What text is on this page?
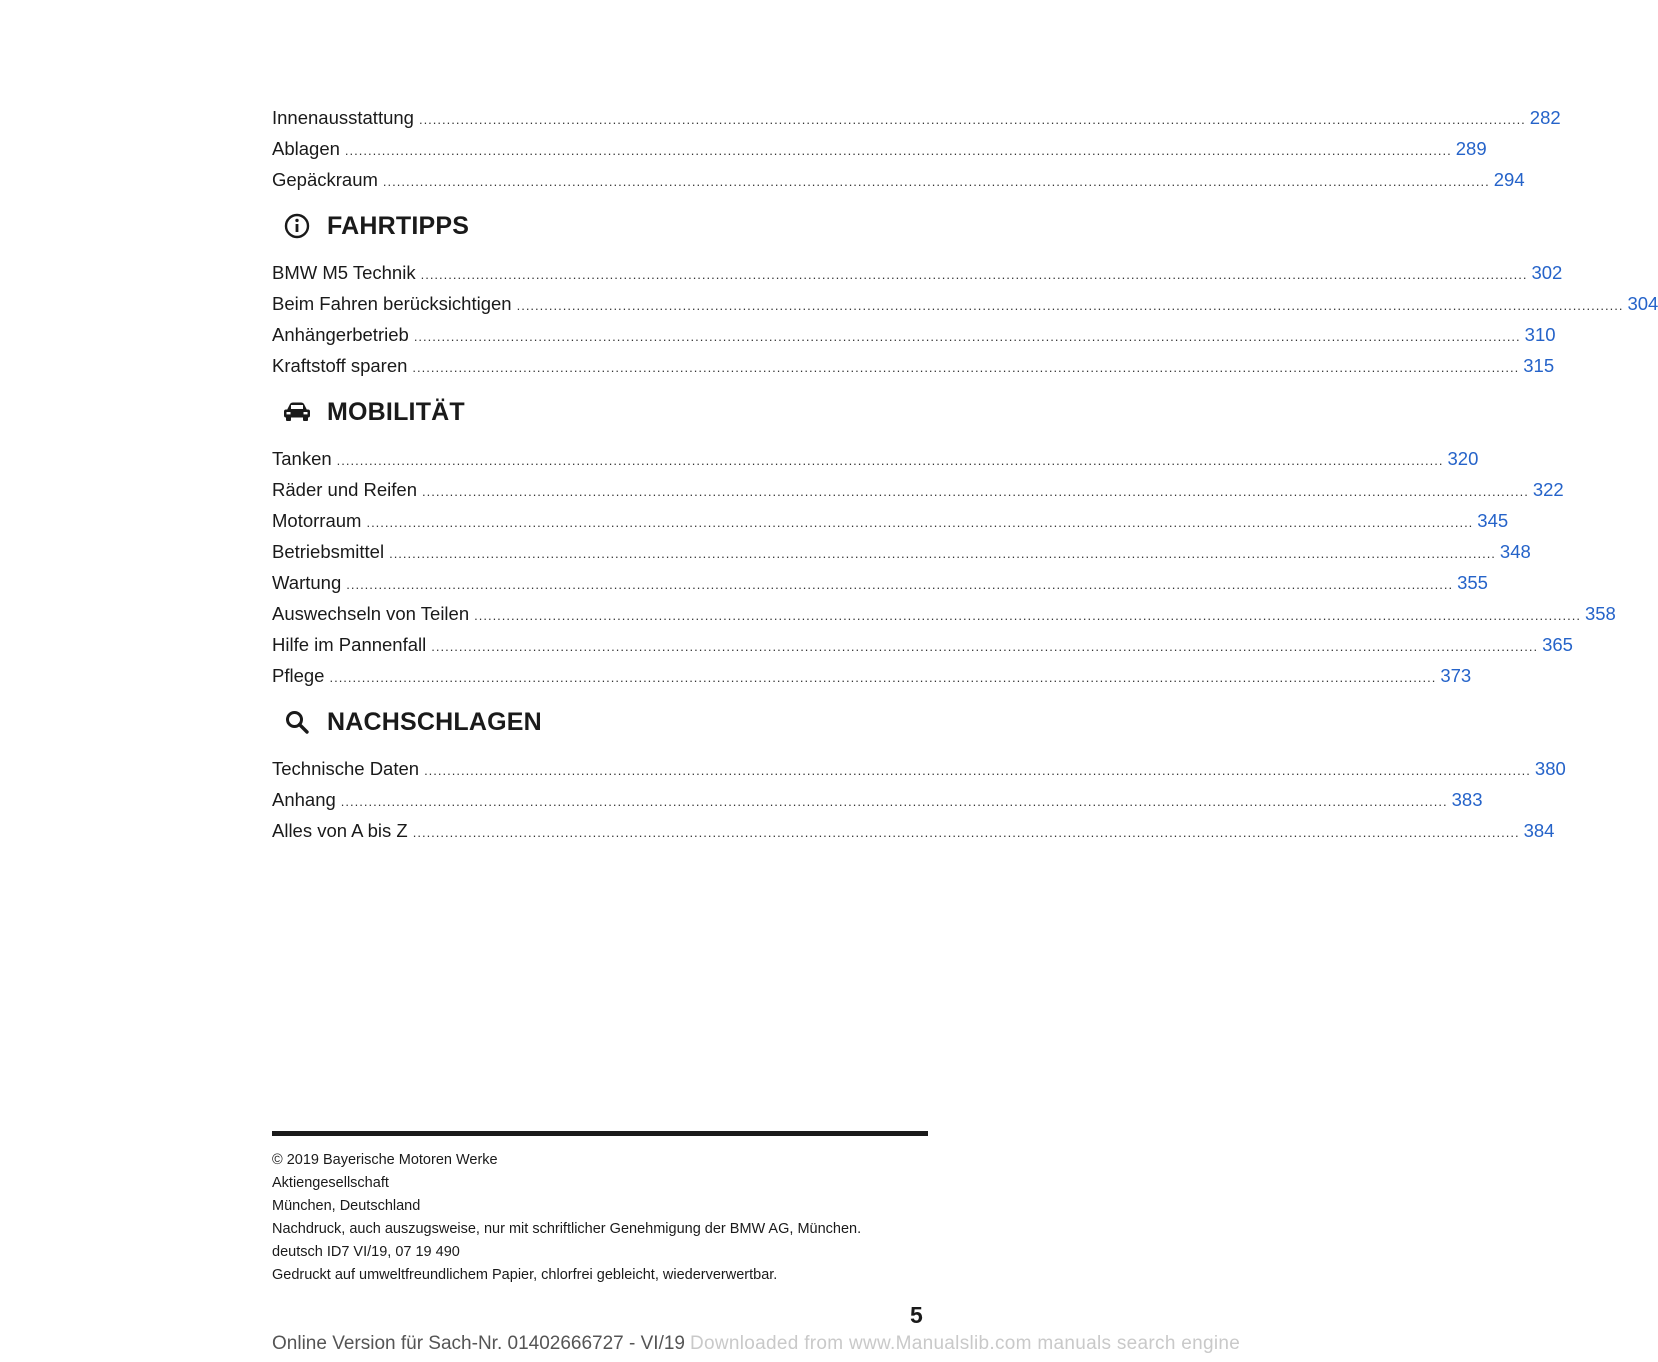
Innenausstattung .....	282
Ablagen .....	289
Gepäckraum .....	294
FAHRTIPPS
BMW M5 Technik .....	302
Beim Fahren berücksichtigen .....	304
Anhängerbetrieb .....	310
Kraftstoff sparen .....	315
MOBILITÄT
Tanken .....	320
Räder und Reifen .....	322
Motorraum .....	345
Betriebsmittel .....	348
Wartung .....	355
Auswechseln von Teilen .....	358
Hilfe im Pannenfall .....	365
Pflege .....	373
NACHSCHLAGEN
Technische Daten .....	380
Anhang .....	383
Alles von A bis Z .....	384
© 2019 Bayerische Motoren Werke
Aktiengesellschaft
München, Deutschland
Nachdruck, auch auszugsweise, nur mit schriftlicher Genehmigung der BMW AG, München.
deutsch ID7 VI/19, 07 19 490
Gedruckt auf umweltfreundlichem Papier, chlorfrei gebleicht, wiederverwertbar.
5
Online Version für Sach-Nr. 01402666727 - VI/19 Downloaded from www.Manualslib.com manuals search engine
